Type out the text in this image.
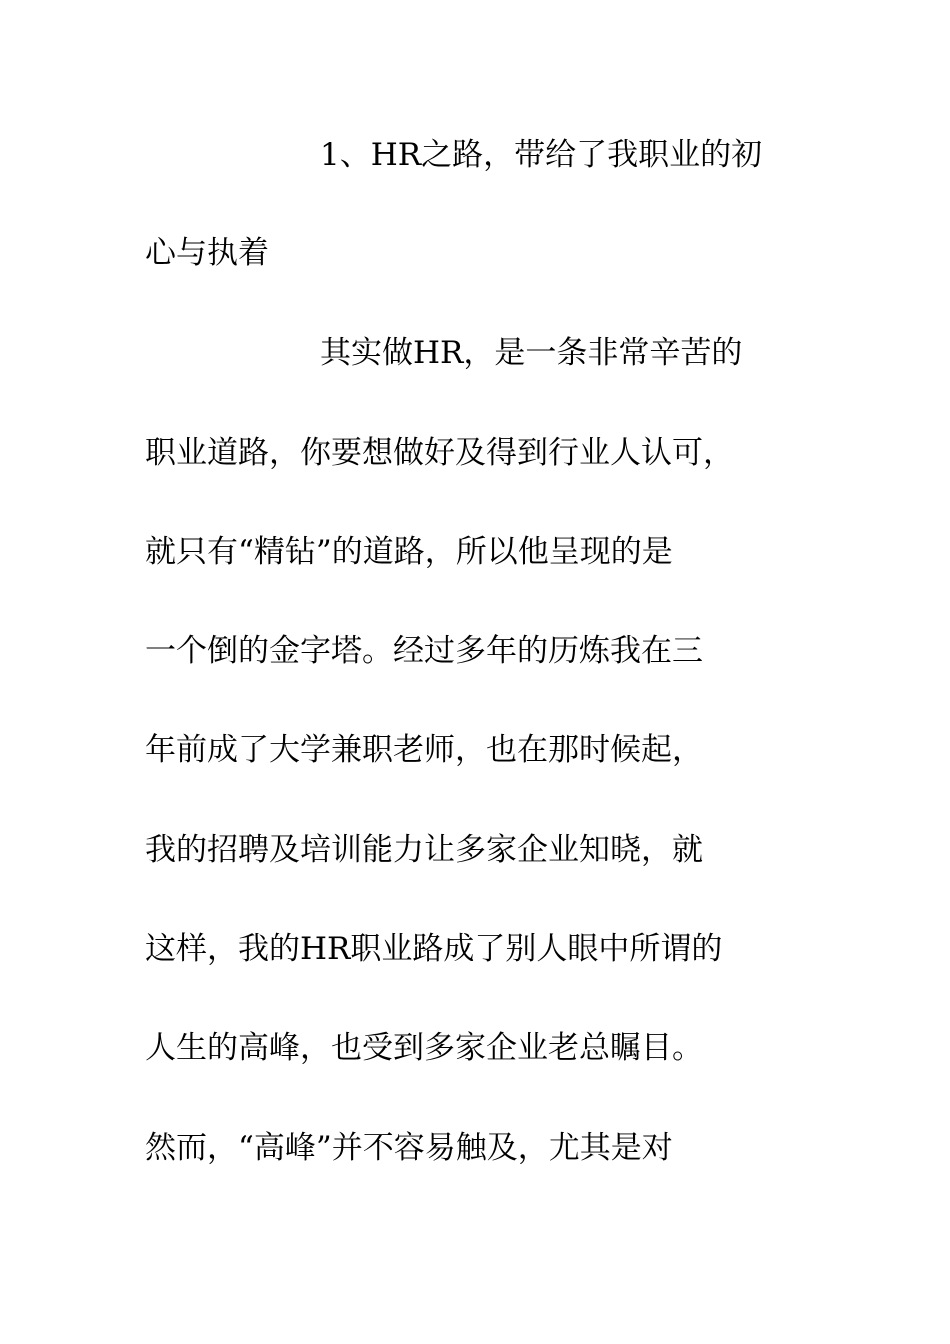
1、HR之路，带给了我职业的初
心与执着
其实做HR，是一条非常辛苦的
职业道路，你要想做好及得到行业人认可，
就只有“精钻”的道路，所以他呈现的是
一个倒的金字塔。经过多年的历炼我在三
年前成了大学兼职老师，也在那时候起，
我的招聘及培训能力让多家企业知晓，就
这样，我的HR职业路成了别人眼中所谓的
人生的高峰，也受到多家企业老总瞩目。
然而，“高峰”并不容易触及，尤其是对
